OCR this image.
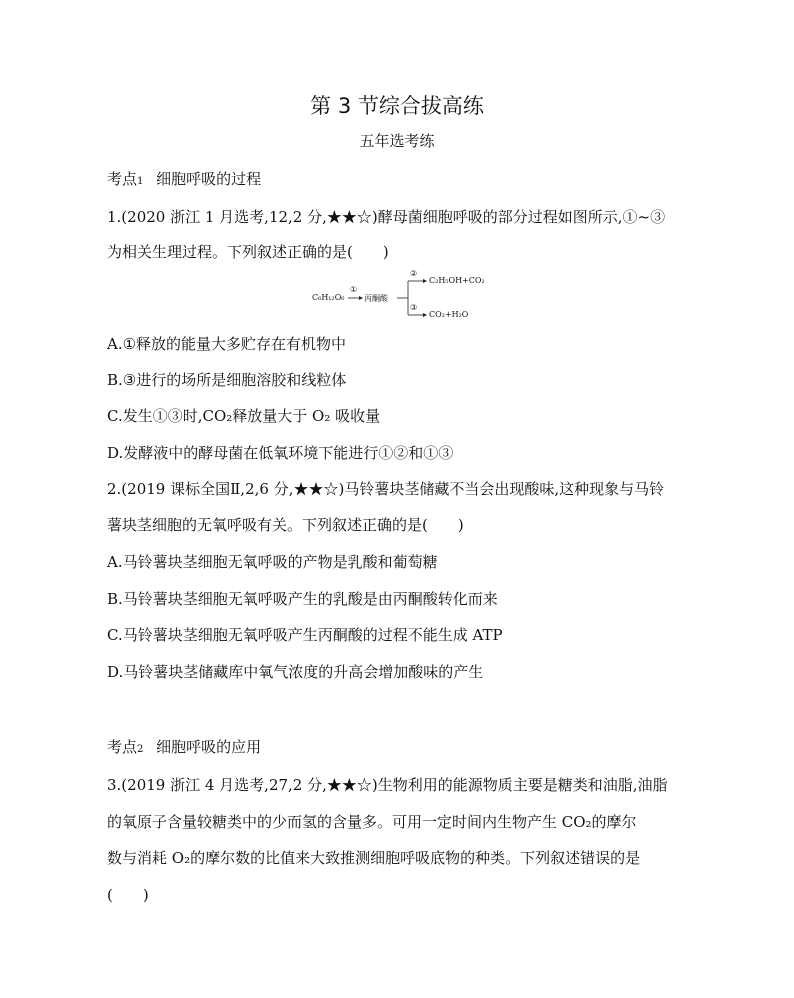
第 3 节综合拔高练
五年选考练
考点1 细胞呼吸的过程
1.(2020 浙江 1 月选考,12,2 分,★★☆)酵母菌细胞呼吸的部分过程如图所示,①~③
为相关生理过程。下列叙述正确的是(　　)
C₆H₁₂O₆
①
丙酮酸
②
C₂H₅OH+CO₂
③
CO₂+H₂O
A.①释放的能量大多贮存在有机物中
B.③进行的场所是细胞溶胶和线粒体
C.发生①③时,CO₂释放量大于 O₂ 吸收量
D.发酵液中的酵母菌在低氧环境下能进行①②和①③
2.(2019 课标全国Ⅱ,2,6 分,★★☆)马铃薯块茎储藏不当会出现酸味,这种现象与马铃
薯块茎细胞的无氧呼吸有关。下列叙述正确的是(　　)
A.马铃薯块茎细胞无氧呼吸的产物是乳酸和葡萄糖
B.马铃薯块茎细胞无氧呼吸产生的乳酸是由丙酮酸转化而来
C.马铃薯块茎细胞无氧呼吸产生丙酮酸的过程不能生成 ATP
D.马铃薯块茎储藏库中氧气浓度的升高会增加酸味的产生
考点2 细胞呼吸的应用
3.(2019 浙江 4 月选考,27,2 分,★★☆)生物利用的能源物质主要是糖类和油脂,油脂
的氧原子含量较糖类中的少而氢的含量多。可用一定时间内生物产生 CO₂的摩尔
数与消耗 O₂的摩尔数的比值来大致推测细胞呼吸底物的种类。下列叙述错误的是
(　　)
